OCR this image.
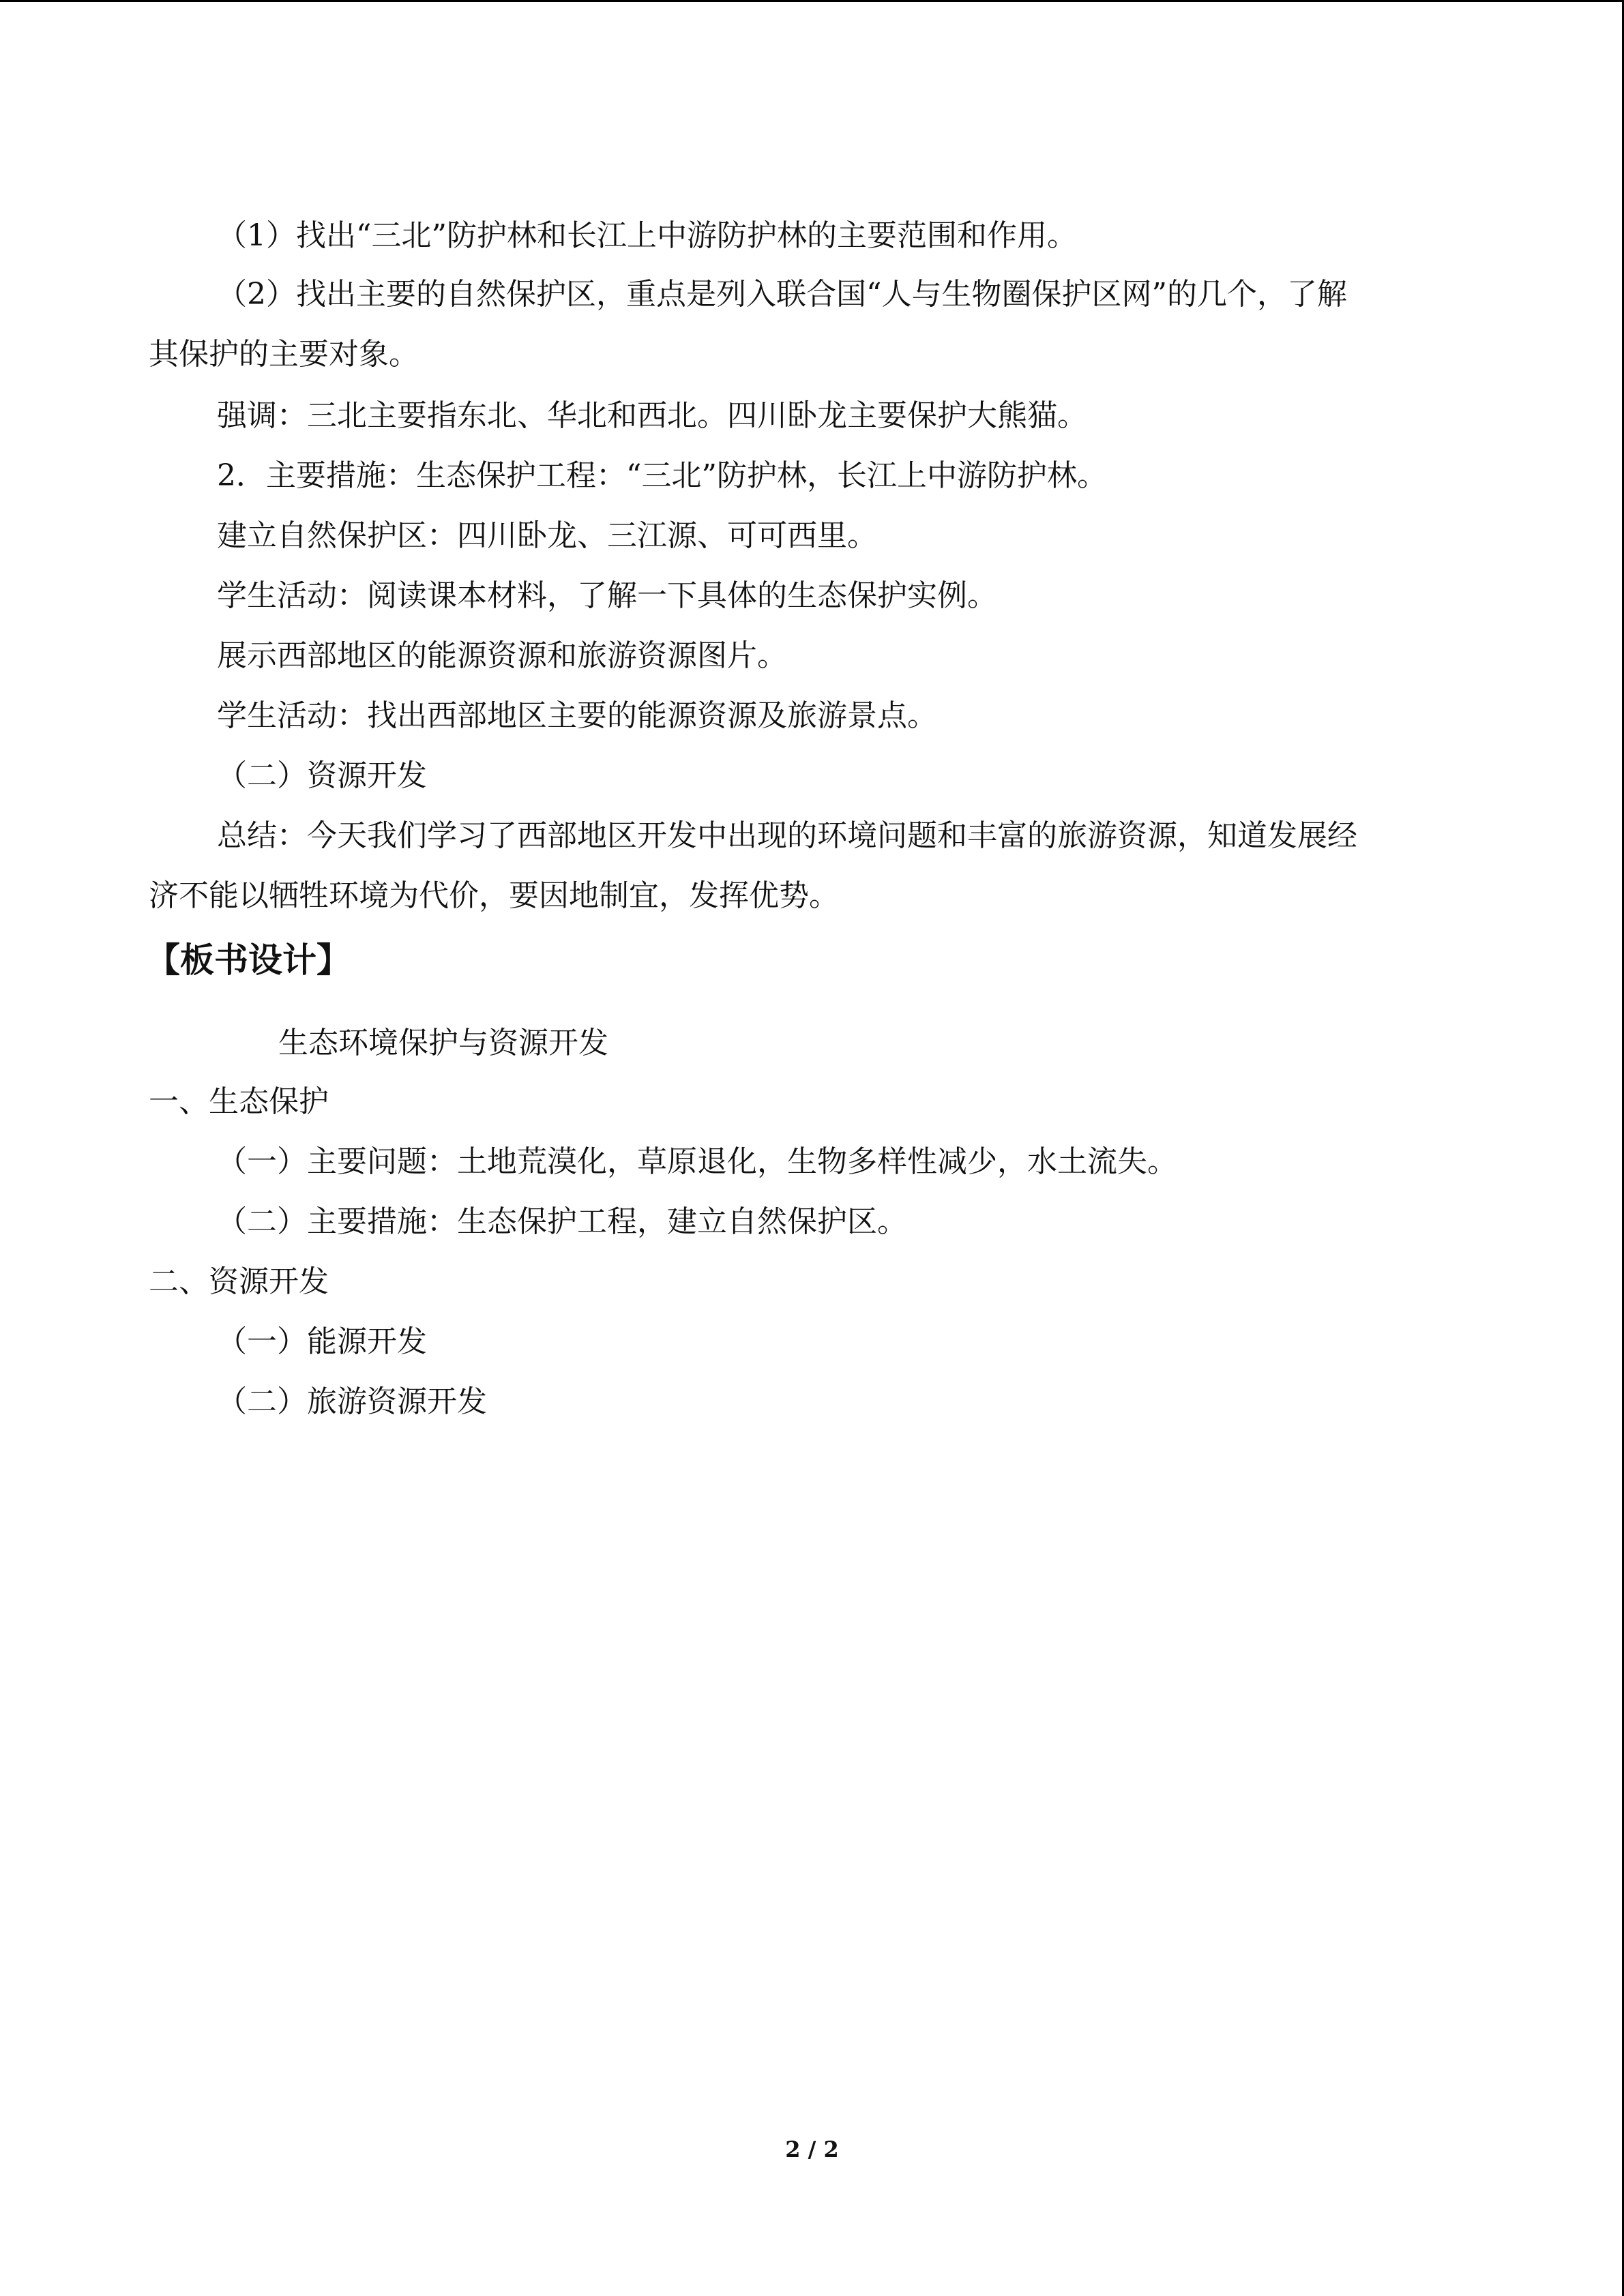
（1）找出“三北”防护林和长江上中游防护林的主要范围和作用。
（2）找出主要的自然保护区，重点是列入联合国“人与生物圈保护区网”的几个，了解
其保护的主要对象。
强调：三北主要指东北、华北和西北。四川卧龙主要保护大熊猫。
2．主要措施：生态保护工程：“三北”防护林，长江上中游防护林。
建立自然保护区：四川卧龙、三江源、可可西里。
学生活动：阅读课本材料，了解一下具体的生态保护实例。
展示西部地区的能源资源和旅游资源图片。
学生活动：找出西部地区主要的能源资源及旅游景点。
（二）资源开发
总结：今天我们学习了西部地区开发中出现的环境问题和丰富的旅游资源，知道发展经
济不能以牺牲环境为代价，要因地制宜，发挥优势。
【板书设计】
生态环境保护与资源开发
一、生态保护
（一）主要问题：土地荒漠化，草原退化，生物多样性减少，水土流失。
（二）主要措施：生态保护工程，建立自然保护区。
二、资源开发
（一）能源开发
（二）旅游资源开发
2 / 2
